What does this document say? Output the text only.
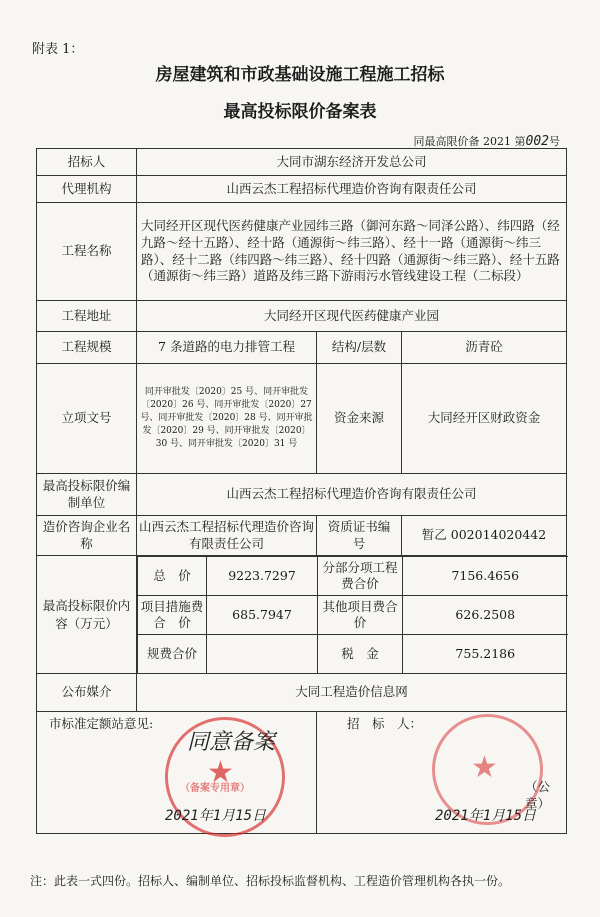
附表 1：
房屋建筑和市政基础设施工程施工招标
最高投标限价备案表
同最高限价备 2021 第002号
招标人	大同市湖东经济开发总公司
代理机构	山西云杰工程招标代理造价咨询有限责任公司
工程名称	大同经开区现代医药健康产业园纬三路（御河东路～同泽公路）、纬四路（经九路～经十五路）、经十路（通源街～纬三路）、经十一路（通源街～纬三路）、经十二路（纬四路～纬三路）、经十四路（通源街～纬三路）、经十五路（通源街～纬三路）道路及纬三路下游雨污水管线建设工程（二标段）
工程地址	大同经开区现代医药健康产业园
工程规模	7 条道路的电力排管工程	结构/层数	沥青砼
立项文号	同开审批发〔2020〕25 号、同开审批发〔2020〕26 号、同开审批发〔2020〕27 号、同开审批发〔2020〕28 号、同开审批发〔2020〕29 号、同开审批发〔2020〕30 号、同开审批发〔2020〕31 号	资金来源	大同经开区财政资金
最高投标限价编制单位	山西云杰工程招标代理造价咨询有限责任公司
造价咨询企业名称	山西云杰工程招标代理造价咨询有限责任公司	资质证书编　　号	暂乙 002014020442
最高投标限价内容（万元）	
总　价	9223.7297	分部分项工程费合价	7156.4656
项目措施费合　价	685.7947	其他项目费合　价	626.2508
规费合价		税　金	755.2186

公布媒介	大同工程造价信息网

市标准定额站意见:
★
（备案专用章）
同意备案
2021年1月15日

招　标　人：
★
（公　章）
2021年1月15日
注：此表一式四份。招标人、编制单位、招标投标监督机构、工程造价管理机构各执一份。
